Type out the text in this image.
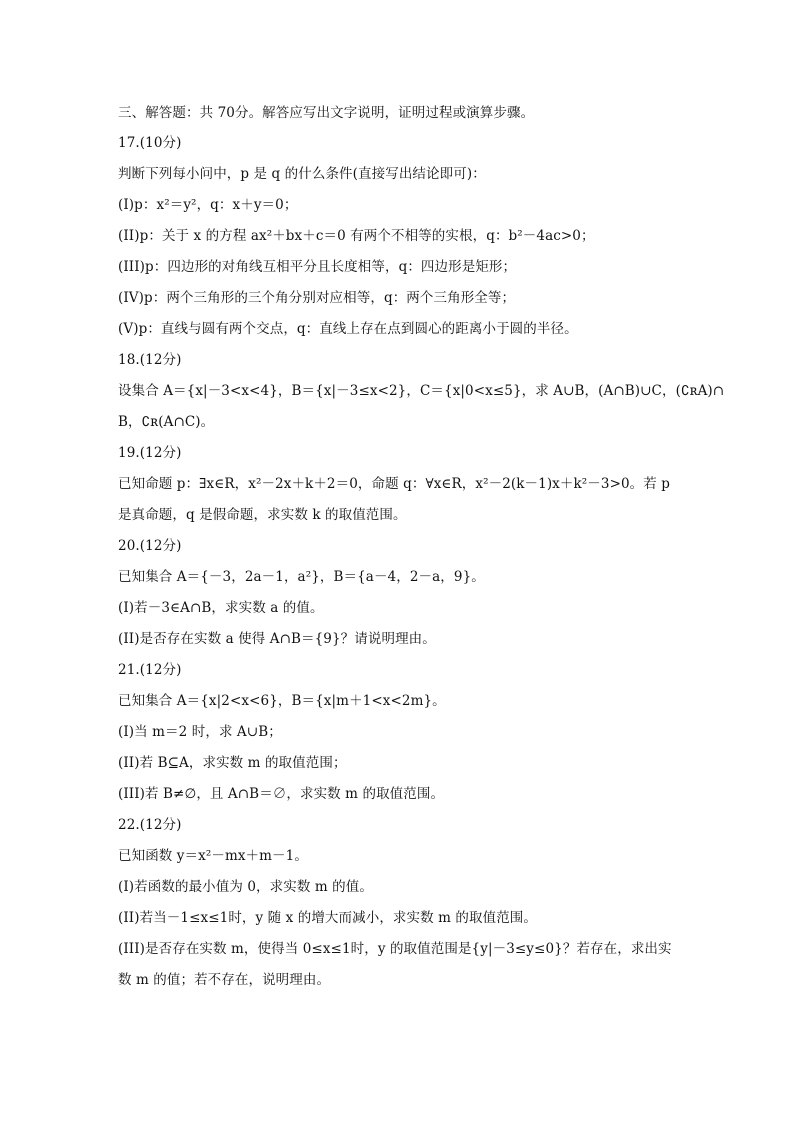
三、解答题：共 70分。解答应写出文字说明，证明过程或演算步骤。
17.(10分)
判断下列每小问中，p 是 q 的什么条件(直接写出结论即可)：
(I)p：x²＝y²，q：x＋y＝0；
(II)p：关于 x 的方程 ax²＋bx＋c＝0 有两个不相等的实根，q：b²－4ac>0；
(III)p：四边形的对角线互相平分且长度相等，q：四边形是矩形；
(IV)p：两个三角形的三个角分别对应相等，q：两个三角形全等；
(V)p：直线与圆有两个交点，q：直线上存在点到圆心的距离小于圆的半径。
18.(12分)
设集合 A＝{x|－3<x<4}，B＝{x|－3≤x<2}，C＝{x|0<x≤5}，求 A∪B，(A∩B)∪C，(∁ʀA)∩
B，∁ʀ(A∩C)。
19.(12分)
已知命题 p：∃x∈R，x²－2x＋k＋2＝0，命题 q：∀x∈R，x²－2(k－1)x＋k²－3>0。若 p
是真命题，q 是假命题，求实数 k 的取值范围。
20.(12分)
已知集合 A＝{－3，2a－1，a²}，B＝{a－4，2－a，9}。
(I)若－3∈A∩B，求实数 a 的值。
(II)是否存在实数 a 使得 A∩B＝{9}？请说明理由。
21.(12分)
已知集合 A＝{x|2<x<6}，B＝{x|m＋1<x<2m}。
(I)当 m＝2 时，求 A∪B；
(II)若 B⊆A，求实数 m 的取值范围；
(III)若 B≠∅，且 A∩B＝∅，求实数 m 的取值范围。
22.(12分)
已知函数 y＝x²－mx＋m－1。
(I)若函数的最小值为 0，求实数 m 的值。
(II)若当－1≤x≤1时，y 随 x 的增大而减小，求实数 m 的取值范围。
(III)是否存在实数 m，使得当 0≤x≤1时，y 的取值范围是{y|－3≤y≤0}？若存在，求出实
数 m 的值；若不存在，说明理由。
